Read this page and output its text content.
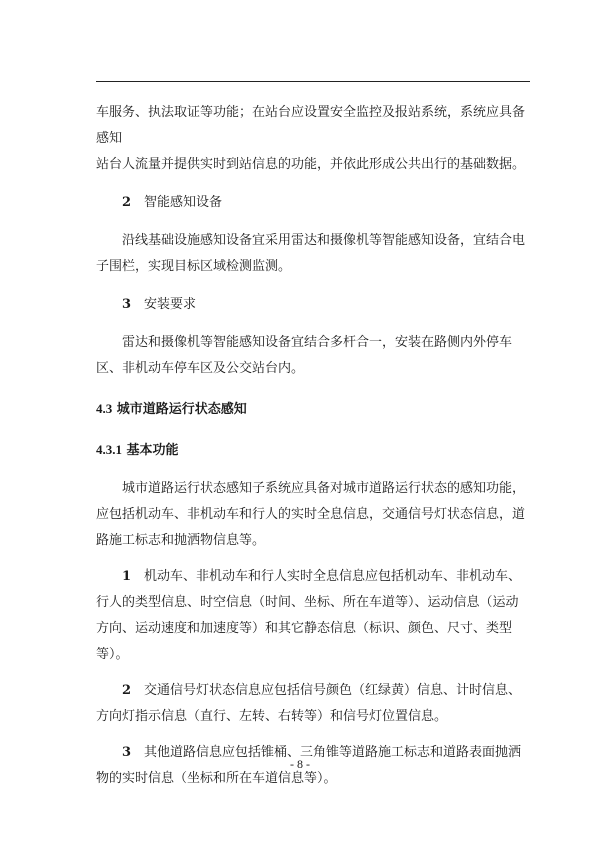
车服务、执法取证等功能；在站台应设置安全监控及报站系统，系统应具备感知
站台人流量并提供实时到站信息的功能，并依此形成公共出行的基础数据。

2 智能感知设备

沿线基础设施感知设备宜采用雷达和摄像机等智能感知设备，宜结合电子围栏，实现目标区域检测监测。

3 安装要求

雷达和摄像机等智能感知设备宜结合多杆合一，安装在路侧内外停车区、非机动车停车区及公交站台内。

4.3 城市道路运行状态感知

4.3.1 基本功能

城市道路运行状态感知子系统应具备对城市道路运行状态的感知功能，应包括机动车、非机动车和行人的实时全息信息，交通信号灯状态信息，道路施工标志和抛洒物信息等。

1 机动车、非机动车和行人实时全息信息应包括机动车、非机动车、行人的类型信息、时空信息（时间、坐标、所在车道等）、运动信息（运动方向、运动速度和加速度等）和其它静态信息（标识、颜色、尺寸、类型等）。

2 交通信号灯状态信息应包括信号颜色（红绿黄）信息、计时信息、方向灯指示信息（直行、左转、右转等）和信号灯位置信息。

3 其他道路信息应包括锥桶、三角锥等道路施工标志和道路表面抛洒物的实时信息（坐标和所在车道信息等）。

- 8 -
